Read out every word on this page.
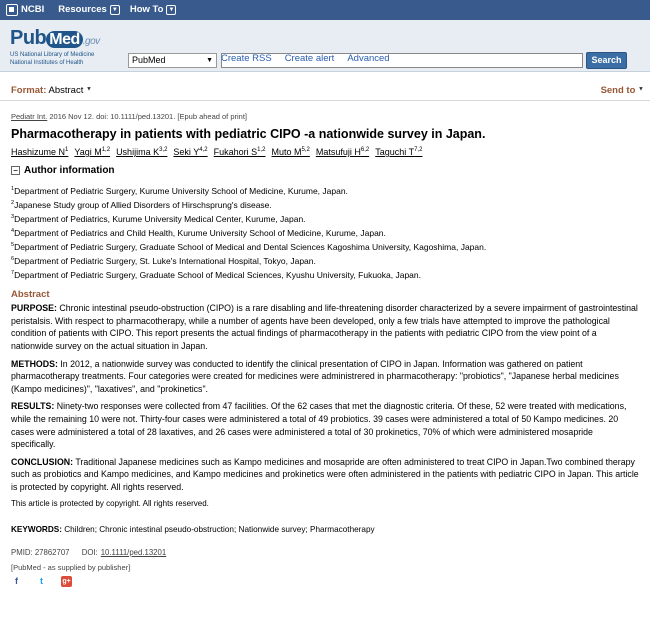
NCBI Resources ▼ How To ▼
Pub Med .gov
US National Library of Medicine
National Institutes of Health	PubMed	▼	Search
Create RSS Create alert Advanced
Format: Abstract ▼	Send to ▼
Pediatr Int. 2016 Nov 12. doi: 10.1111/ped.13201. [Epub ahead of print]
Pharmacotherapy in patients with pediatric CIPO -a nationwide survey in Japan.
Hashizume $N^1$ Yagi M$^{1,2}$ Ushijima K$^{3,2}$ Seki Y$^{4,2}$ Fukahori S$^{1,2}$ Muto M$^{5,2}$ Matsufuji H$^{6,2}$ Taguchi T$^{7,2}$
− Author information
$^1$Department of Pediatric Surgery, Kurume University School of Medicine, Kurume, Japan.
$^2$Japanese Study group of Allied Disorders of Hirschsprung's disease.
$^3$Department of Pediatrics, Kurume University Medical Center, Kurume, Japan.
$^4$Department of Pediatrics and Child Health, Kurume University School of Medicine, Kurume, Japan.
$^5$Department of Pediatric Surgery, Graduate School of Medical and Dental Sciences Kagoshima University, Kagoshima, Japan.
$^6$Department of Pediatric Surgery, St. Luke's International Hospital, Tokyo, Japan.
$^7$Department of Pediatric Surgery, Graduate School of Medical Sciences, Kyushu University, Fukuoka, Japan.
Abstract
PURPOSE: Chronic intestinal pseudo-obstruction (CIPO) is a rare disabling and life-threatening disorder characterized by a severe impairment of gastrointestinal peristalsis. With respect to pharmacotherapy, while a number of agents have been developed, only a few trials have attempted to improve the pathological condition of patients with CIPO. This report presents the actual findings of pharmacotherapy in the patients with pediatric CIPO from the view point of a nationwide survey on the actual situation in Japan.
METHODS: In 2012, a nationwide survey was conducted to identify the clinical presentation of CIPO in Japan. Information was gathered on patient pharmacotherapy treatments. Four categories were created for medicines were administrered in pharmacotherapy: "probiotics", "Japanese herbal medicines (Kampo medicines)", "laxatives", and "prokinetics".
RESULTS: Ninety-two responses were collected from 47 facilities. Of the 62 cases that met the diagnostic criteria. Of these, 52 were treated with medications, while the remaining 10 were not. Thirty-four cases were administered a total of 49 probiotics. 39 cases were administered a total of 50 Kampo medicines. 20 cases were administered a total of 28 laxatives, and 26 cases were administered a total of 30 prokinetics, 70% of which were administered mosapride specifically.
CONCLUSION: Traditional Japanese medicines such as Kampo medicines and mosapride are often administered to treat CIPO in Japan.Two combined therapy such as probiotics and Kampo medicines, and Kampo medicines and prokinetics were often administered in the patients with pediatric CIPO in Japan. This article is protected by copyright. All rights reserved.
This article is protected by copyright. All rights reserved.
KEYWORDS: Children; Chronic intestinal pseudo-obstruction; Nationwide survey; Pharmacotherapy
PMID: 27862707 DOI: 10.1111/ped.13201
[PubMed - as supplied by publisher]
f	t	g+
